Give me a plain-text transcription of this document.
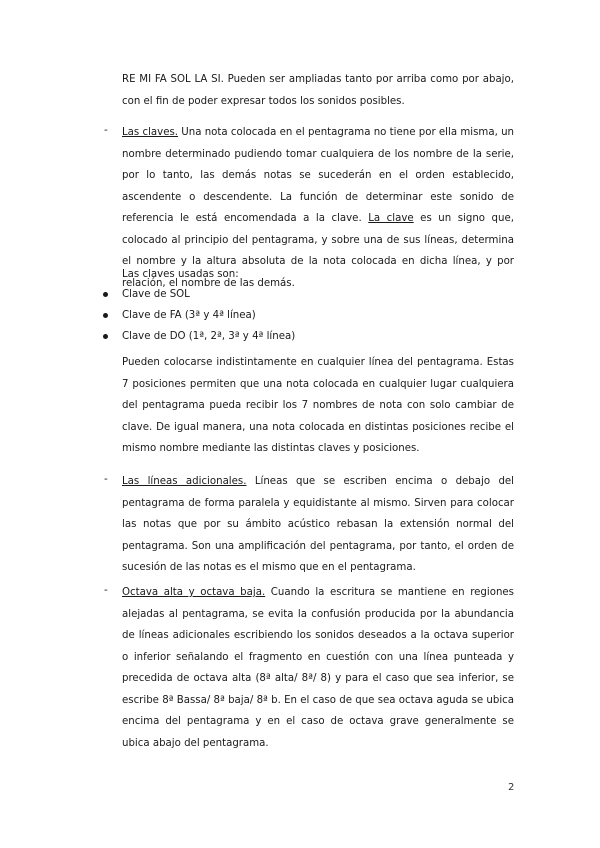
RE MI FA SOL LA SI. Pueden ser ampliadas tanto por arriba como por abajo, con el fin de poder expresar todos los sonidos posibles.

- Las claves. Una nota colocada en el pentagrama no tiene por ella misma, un nombre determinado pudiendo tomar cualquiera de los nombre de la serie, por lo tanto, las demás notas se sucederán en el orden establecido, ascendente o descendente. La función de determinar este sonido de referencia le está encomendada a la clave. La clave es un signo que, colocado al principio del pentagrama, y sobre una de sus líneas, determina el nombre y la altura absoluta de la nota colocada en dicha línea, y por relación, el nombre de las demás.

Las claves usadas son:

Clave de SOL
Clave de FA (3ª y 4ª línea)
Clave de DO (1ª, 2ª, 3ª y 4ª línea)

Pueden colocarse indistintamente en cualquier línea del pentagrama. Estas 7 posiciones permiten que una nota colocada en cualquier lugar cualquiera del pentagrama pueda recibir los 7 nombres de nota con solo cambiar de clave. De igual manera, una nota colocada en distintas posiciones recibe el mismo nombre mediante las distintas claves y posiciones.

- Las líneas adicionales. Líneas que se escriben encima o debajo del pentagrama de forma paralela y equidistante al mismo. Sirven para colocar las notas que por su ámbito acústico rebasan la extensión normal del pentagrama. Son una amplificación del pentagrama, por tanto, el orden de sucesión de las notas es el mismo que en el pentagrama.

- Octava alta y octava baja. Cuando la escritura se mantiene en regiones alejadas al pentagrama, se evita la confusión producida por la abundancia de líneas adicionales escribiendo los sonidos deseados a la octava superior o inferior señalando el fragmento en cuestión con una línea punteada y precedida de octava alta (8ª alta/ 8ª/ 8) y para el caso que sea inferior, se escribe 8ª Bassa/ 8ª baja/ 8ª b. En el caso de que sea octava aguda se ubica encima del pentagrama y en el caso de octava grave generalmente se ubica abajo del pentagrama.

2
